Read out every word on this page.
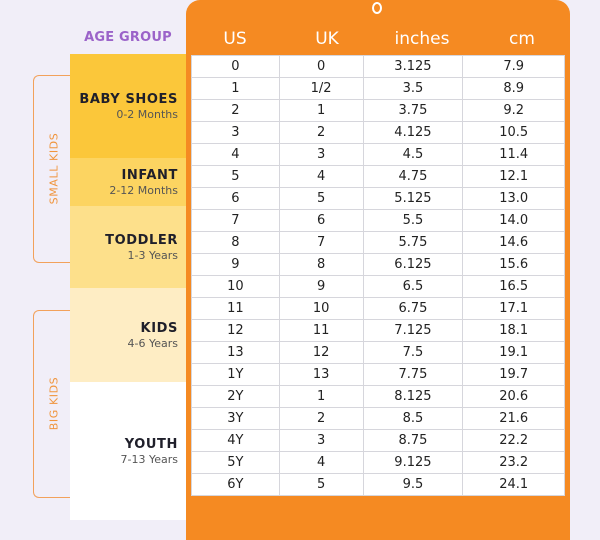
AGE GROUP
SMALL KIDS
BIG KIDS
BABY SHOES
0-2 Months
INFANT
2-12 Months
TODDLER
1-3 Years
KIDS
4-6 Years
YOUTH
7-13 Years
US	UK	inches	cm
0	0	3.125	7.9
1	1/2	3.5	8.9
2	1	3.75	9.2
3	2	4.125	10.5
4	3	4.5	11.4
5	4	4.75	12.1
6	5	5.125	13.0
7	6	5.5	14.0
8	7	5.75	14.6
9	8	6.125	15.6
10	9	6.5	16.5
11	10	6.75	17.1
12	11	7.125	18.1
13	12	7.5	19.1
1Y	13	7.75	19.7
2Y	1	8.125	20.6
3Y	2	8.5	21.6
4Y	3	8.75	22.2
5Y	4	9.125	23.2
6Y	5	9.5	24.1
